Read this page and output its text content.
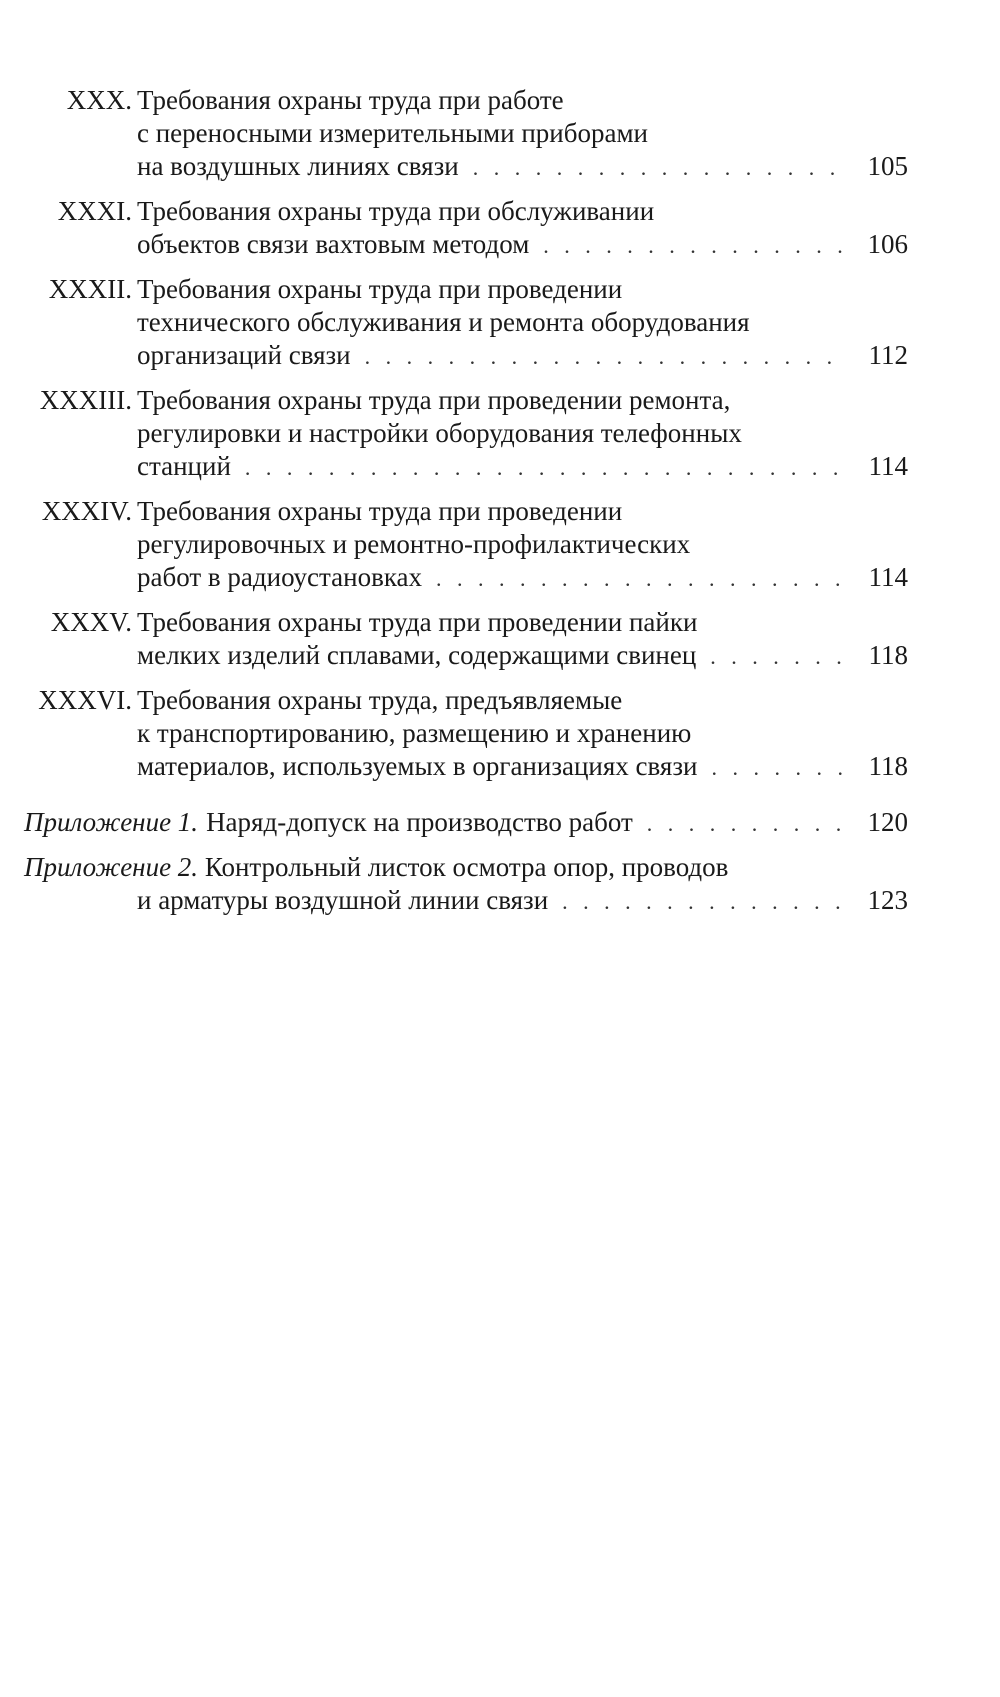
XXX. Требования охраны труда при работе
с переносными измерительными приборами
на воздушных линиях связи . . .	105
XXXI. Требования охраны труда при обслуживании
объектов связи вахтовым методом . . .	106
XXXII. Требования охраны труда при проведении
технического обслуживания и ремонта оборудования
организаций связи . . .	112
XXXIII. Требования охраны труда при проведении ремонта,
регулировки и настройки оборудования телефонных
станций . . .	114
XXXIV. Требования охраны труда при проведении
регулировочных и ремонтно-профилактических
работ в радиоустановках . . .	114
XXXV. Требования охраны труда при проведении пайки
мелких изделий сплавами, содержащими свинец . . .	118
XXXVI. Требования охраны труда, предъявляемые
к транспортированию, размещению и хранению
материалов, используемых в организациях связи . . .	118
Приложение 1. Наряд-допуск на производство работ . . .	120
Приложение 2. Контрольный листок осмотра опор, проводов
и арматуры воздушной линии связи . . .	123
